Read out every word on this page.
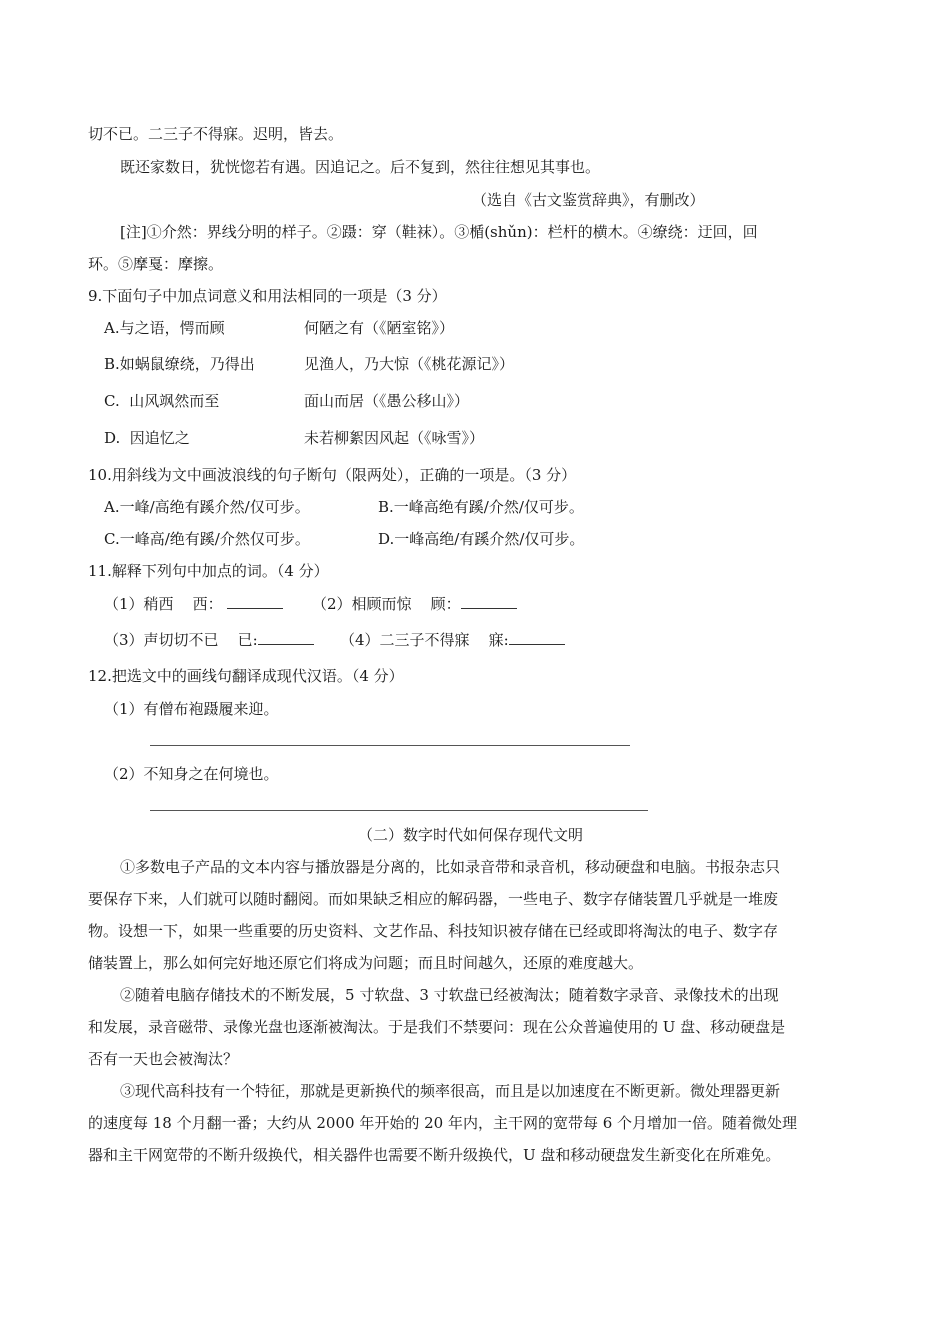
切不已。二三子不得寐。迟明，皆去。

既还家数日，犹恍惚若有遇。因追记之。后不复到，然往往想见其事也。

（选自《古文鉴赏辞典》，有删改）

[注]①介然：界线分明的样子。②蹑：穿（鞋袜）。③楯(shǔn)：栏杆的横木。④缭绕：迂回，回

环。⑤摩戛：摩擦。

9.下面句子中加点词意义和用法相同的一项是（3 分）

A.与之语，愕而顾	何陋之有（《陋室铭》）

B.如蜗鼠缭绕，乃得出	见渔人，乃大惊（《桃花源记》）

C.  山风飒然而至	面山而居（《愚公移山》）

D.  因追忆之	未若柳絮因风起（《咏雪》）

10.用斜线为文中画波浪线的句子断句（限两处），正确的一项是。（3 分）

A.一峰/高绝有蹊介然/仅可步。	B.一峰高绝有蹊/介然/仅可步。

C.一峰高/绝有蹊/介然仅可步。	D.一峰高绝/有蹊介然/仅可步。

11.解释下列句中加点的词。（4 分）

（1）稍西    西：	（2）相顾而惊    顾：

（3）声切切不已    已:	（4）二三子不得寐    寐:

12.把选文中的画线句翻译成现代汉语。（4 分）

（1）有僧布袍蹑履来迎。

（2）不知身之在何境也。

（二）数字时代如何保存现代文明

①多数电子产品的文本内容与播放器是分离的，比如录音带和录音机，移动硬盘和电脑。书报杂志只

要保存下来，人们就可以随时翻阅。而如果缺乏相应的解码器，一些电子、数字存储装置几乎就是一堆废

物。设想一下，如果一些重要的历史资料、文艺作品、科技知识被存储在已经或即将淘汰的电子、数字存

储装置上，那么如何完好地还原它们将成为问题；而且时间越久，还原的难度越大。

②随着电脑存储技术的不断发展，5 寸软盘、3 寸软盘已经被淘汰；随着数字录音、录像技术的出现

和发展，录音磁带、录像光盘也逐渐被淘汰。于是我们不禁要问：现在公众普遍使用的 U 盘、移动硬盘是

否有一天也会被淘汰？

③现代高科技有一个特征，那就是更新换代的频率很高，而且是以加速度在不断更新。微处理器更新

的速度每 18 个月翻一番；大约从 2000 年开始的 20 年内，主干网的宽带每 6 个月增加一倍。随着微处理

器和主干网宽带的不断升级换代，相关器件也需要不断升级换代，U 盘和移动硬盘发生新变化在所难免。
